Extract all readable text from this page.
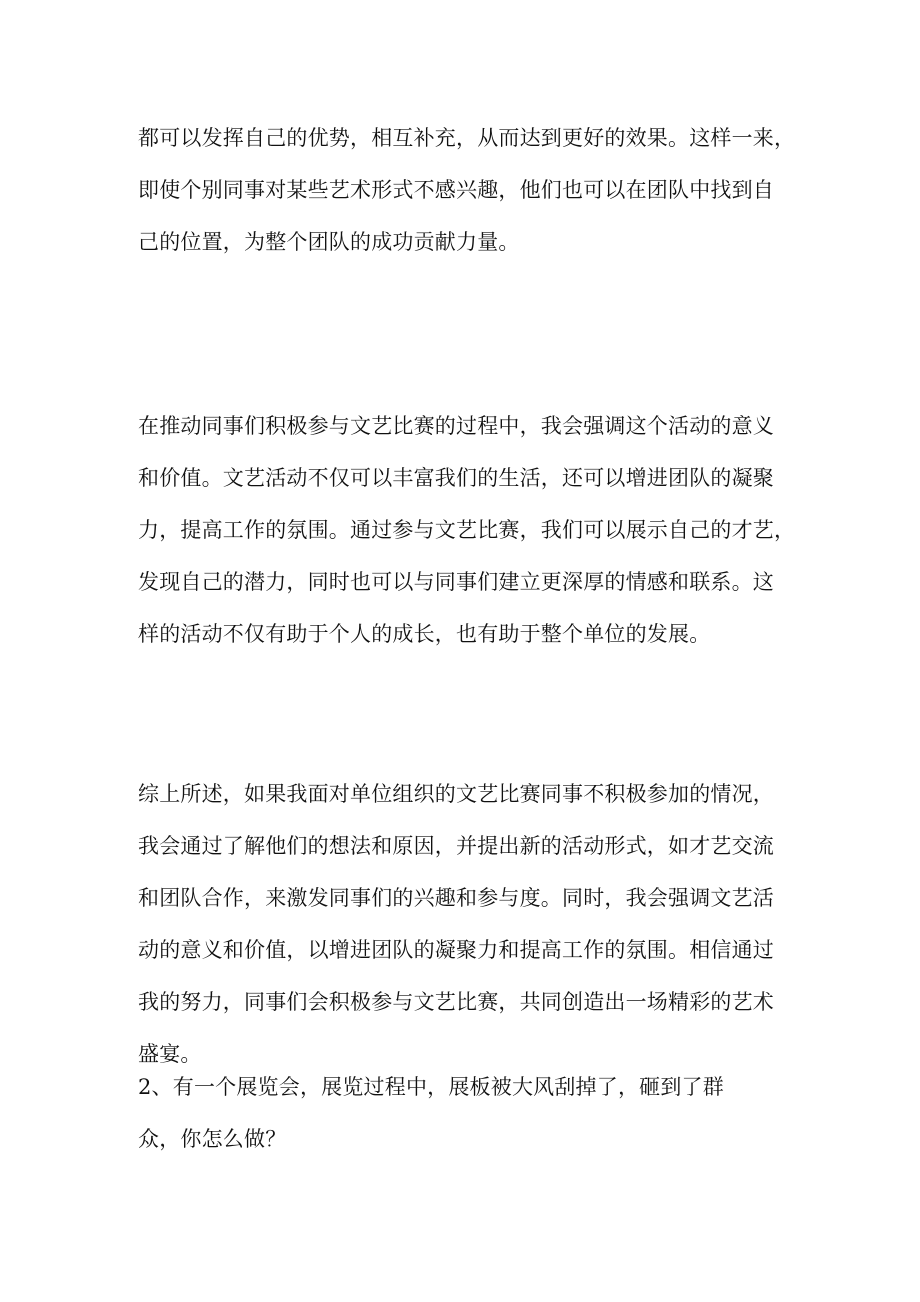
都可以发挥自己的优势，相互补充，从而达到更好的效果。这样一来，
即使个别同事对某些艺术形式不感兴趣，他们也可以在团队中找到自
己的位置，为整个团队的成功贡献力量。
在推动同事们积极参与文艺比赛的过程中，我会强调这个活动的意义
和价值。文艺活动不仅可以丰富我们的生活，还可以增进团队的凝聚
力，提高工作的氛围。通过参与文艺比赛，我们可以展示自己的才艺，
发现自己的潜力，同时也可以与同事们建立更深厚的情感和联系。这
样的活动不仅有助于个人的成长，也有助于整个单位的发展。
综上所述，如果我面对单位组织的文艺比赛同事不积极参加的情况，
我会通过了解他们的想法和原因，并提出新的活动形式，如才艺交流
和团队合作，来激发同事们的兴趣和参与度。同时，我会强调文艺活
动的意义和价值，以增进团队的凝聚力和提高工作的氛围。相信通过
我的努力，同事们会积极参与文艺比赛，共同创造出一场精彩的艺术
盛宴。
2、有一个展览会，展览过程中，展板被大风刮掉了，砸到了群
众，你怎么做？
